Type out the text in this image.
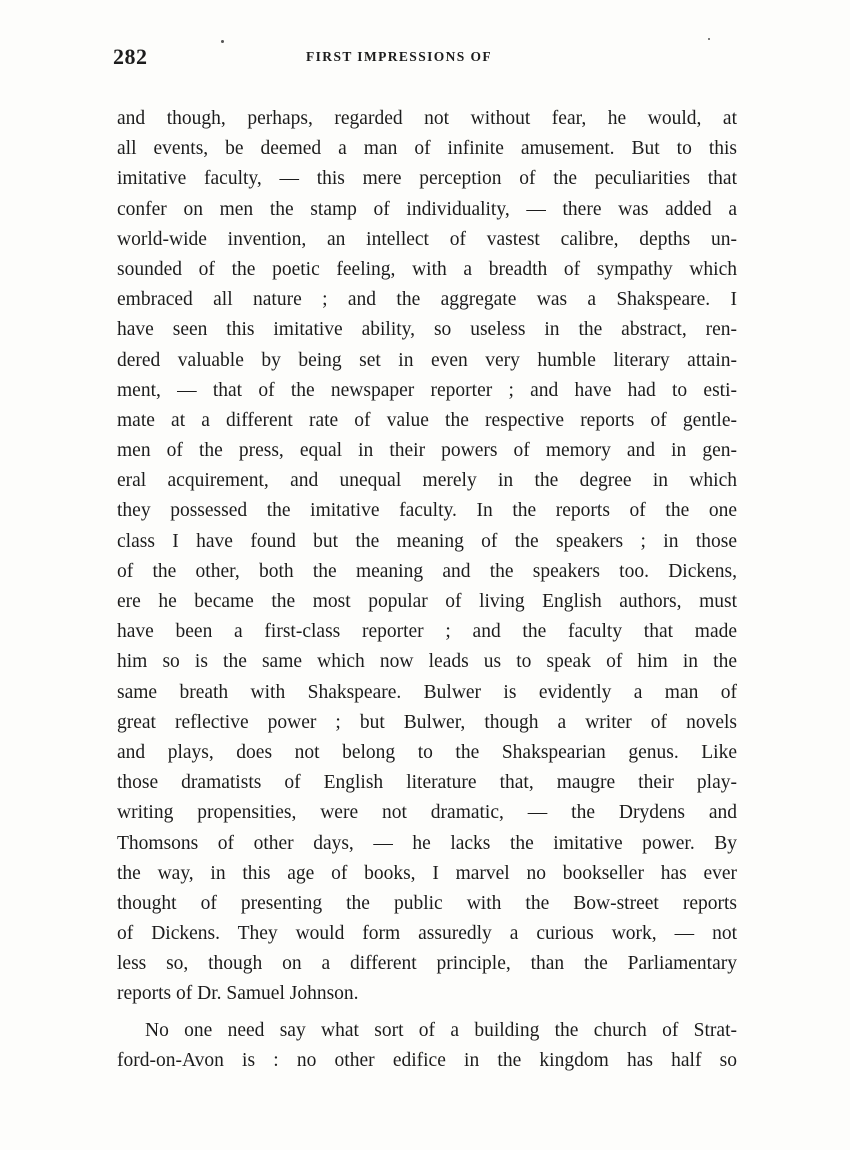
282	FIRST IMPRESSIONS OF
and though, perhaps, regarded not without fear, he would, at
all events, be deemed a man of infinite amusement. But to this
imitative faculty, — this mere perception of the peculiarities that
confer on men the stamp of individuality, — there was added a
world-wide invention, an intellect of vastest calibre, depths un-
sounded of the poetic feeling, with a breadth of sympathy which
embraced all nature ; and the aggregate was a Shakspeare. I
have seen this imitative ability, so useless in the abstract, ren-
dered valuable by being set in even very humble literary attain-
ment, — that of the newspaper reporter ; and have had to esti-
mate at a different rate of value the respective reports of gentle-
men of the press, equal in their powers of memory and in gen-
eral acquirement, and unequal merely in the degree in which
they possessed the imitative faculty. In the reports of the one
class I have found but the meaning of the speakers ; in those
of the other, both the meaning and the speakers too. Dickens,
ere he became the most popular of living English authors, must
have been a first-class reporter ; and the faculty that made
him so is the same which now leads us to speak of him in the
same breath with Shakspeare. Bulwer is evidently a man of
great reflective power ; but Bulwer, though a writer of novels
and plays, does not belong to the Shakspearian genus. Like
those dramatists of English literature that, maugre their play-
writing propensities, were not dramatic, — the Drydens and
Thomsons of other days, — he lacks the imitative power. By
the way, in this age of books, I marvel no bookseller has ever
thought of presenting the public with the Bow-street reports
of Dickens. They would form assuredly a curious work, — not
less so, though on a different principle, than the Parliamentary
reports of Dr. Samuel Johnson.
No one need say what sort of a building the church of Strat-
ford-on-Avon is : no other edifice in the kingdom has half so
